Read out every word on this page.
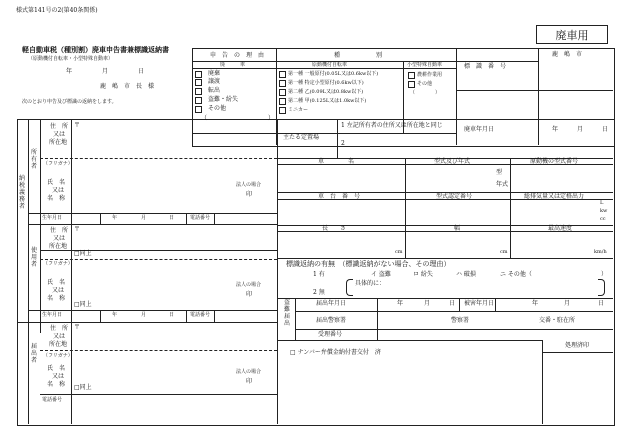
様式第141号の2(第40条関係)
廃車用
軽自動車税（種別割）廃車申告書兼標識返納書
（原動機付自転車・小型特殊自動車）
年	月	日
鹿　嶋　市　長　様
次のとおり申告及び標識の返納をします。
申　告　の　理　由
廃　　　車
廃棄
譲渡
転出
盗難・紛失
その他
（	）
種　　　　　　別
原動機付自転車
第一種 一般原付(0.05L又は0.6kw以下)
第一種 特定小型原付(0.6kw以下)
第二種 乙(0.09L又は0.8kw以下)
第二種 甲(0.125L又は1.0kw以下)
ミニカー
小型特殊自動車
農耕作業用
その他
（　　　　）
標　識　番　号
鹿　嶋　市
廃車年月日	年	月	日
納税義務者
所有者
使用者
届出者
住　所
又は
所在地
〒
（フリガナ）
氏　名
又は
名　称
法人の場合
印
生年月日	年	月	日	電話番号
住　所
又は
所在地
〒
□同上
（フリガナ）
氏　名
又は
名　称
法人の場合
印
□同上
生年月日	年	月	日	電話番号
住　所
又は
所在地
〒
（フリガナ）
氏　名
又は
名　称
法人の場合
印
□同上
電話番号
主たる定置場
1 左記所有者の住所又は所在地と同じ
2
車　　　　名	型式及び年式	原動機の型式番号
型
年式
車　台　番　号	型式認定番号	総排気量又は定格出力
L
kw
cc
長　　さ	幅	最高速度
cm	cm	km/h
標識返納の有無　（標識返納がない場合、その理由）
1 有	イ 盗難	ロ 紛失	ハ 破損	ニ その他（	）
具体的に：
2 無
盗難届出
届出年月日	年	月	日 被害年月日	年	月	日
届出警察署	警察署	交番・駐在所
受理番号
処理済印
□ ナンバー弁償金納付書交付　済
